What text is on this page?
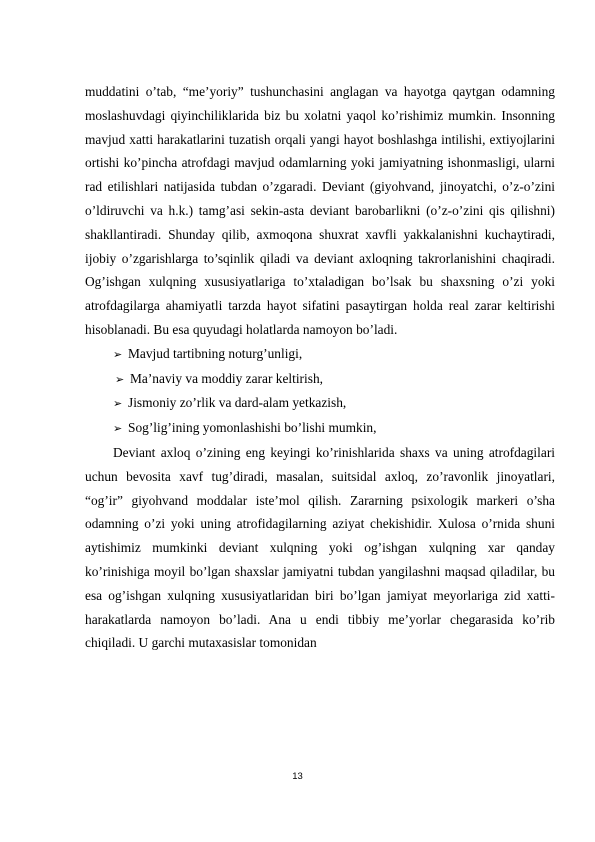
muddatini o’tab, “me’yoriy” tushunchasini anglagan va hayotga qaytgan odamning moslashuvdagi qiyinchiliklarida biz bu xolatni yaqol ko’rishimiz mumkin. Insonning mavjud xatti harakatlarini tuzatish orqali yangi hayot boshlashga intilishi, extiyojlarini ortishi ko’pincha atrofdagi mavjud odamlarning yoki jamiyatning ishonmasligi, ularni rad etilishlari natijasida tubdan o’zgaradi. Deviant (giyohvand, jinoyatchi, o’z-o’zini o’ldiruvchi va h.k.) tamg’asi sekin-asta deviant barobarlikni (o’z-o’zini qis qilishni) shakllantiradi. Shunday qilib, axmoqona shuxrat xavfli yakkalanishni kuchaytiradi, ijobiy o’zgarishlarga to’sqinlik qiladi va deviant axloqning takrorlanishini chaqiradi. Og’ishgan xulqning xususiyatlariga to’xtaladigan bo’lsak bu shaxsning o’zi yoki atrofdagilarga ahamiyatli tarzda hayot sifatini pasaytirgan holda real zarar keltirishi hisoblanadi. Bu esa quyudagi holatlarda namoyon bo’ladi.

➢ Mavjud tartibning noturg’unligi,
➢ Ma’naviy va moddiy zarar keltirish,
➢ Jismoniy zo’rlik va dard-alam yetkazish,
➢ Sog’lig’ining yomonlashishi bo’lishi mumkin,

Deviant axloq o’zining eng keyingi ko’rinishlarida shaxs va uning atrofdagilari uchun bevosita xavf tug’diradi, masalan, suitsidal axloq, zo’ravonlik jinoyatlari, “og’ir” giyohvand moddalar iste’mol qilish. Zararning psixologik markeri o’sha odamning o’zi yoki uning atrofidagilarning aziyat chekishidir. Xulosa o’rnida shuni aytishimiz mumkinki deviant xulqning yoki og’ishgan xulqning xar qanday ko’rinishiga moyil bo’lgan shaxslar jamiyatni tubdan yangilashni maqsad qiladilar, bu esa og’ishgan xulqning xususiyatlaridan biri bo’lgan jamiyat meyorlariga zid xatti-harakatlarda namoyon bo’ladi. Ana u endi tibbiy me’yorlar chegarasida ko’rib chiqiladi. U garchi mutaxasislar tomonidan

13
